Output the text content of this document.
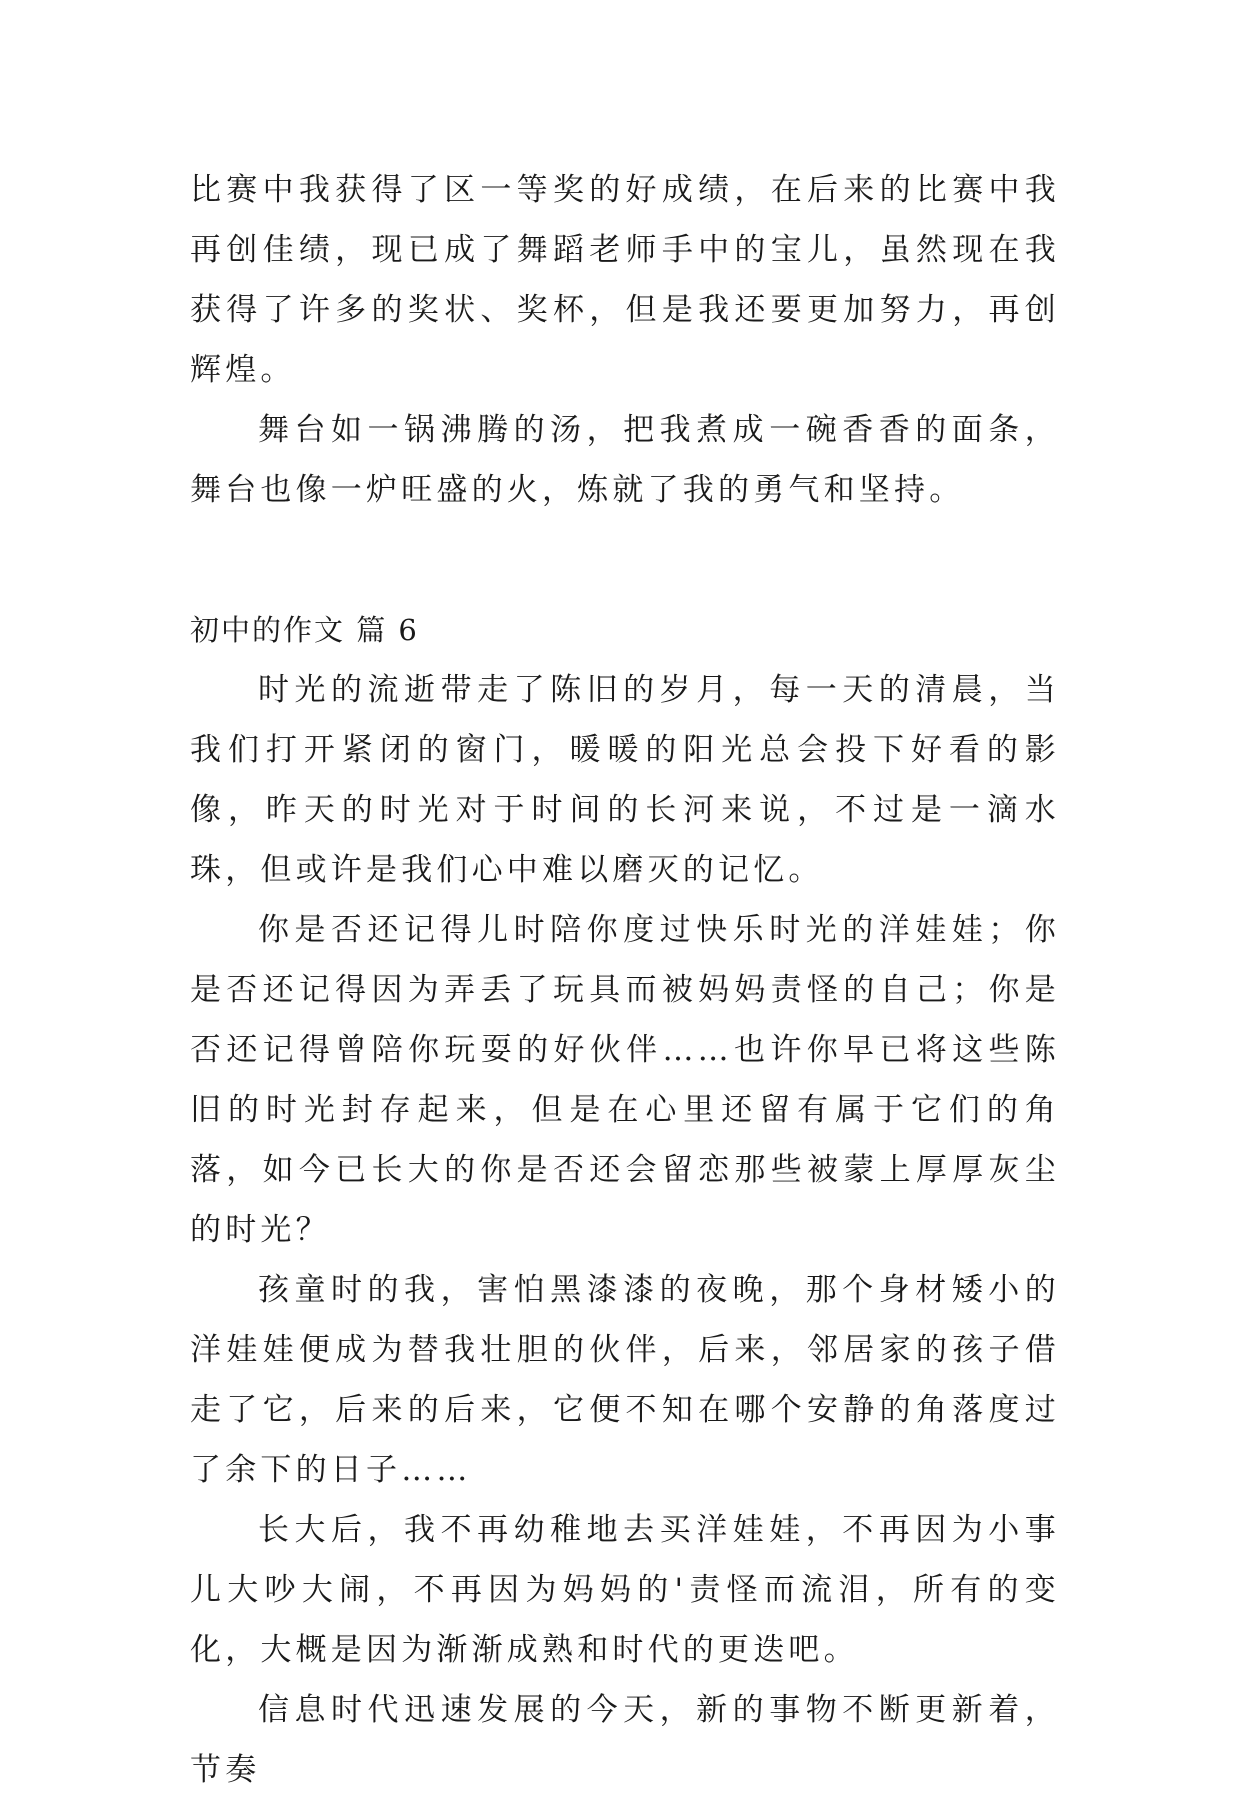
比赛中我获得了区一等奖的好成绩，在后来的比赛中我再创佳绩，现已成了舞蹈老师手中的宝儿，虽然现在我获得了许多的奖状、奖杯，但是我还要更加努力，再创辉煌。

舞台如一锅沸腾的汤，把我煮成一碗香香的面条，舞台也像一炉旺盛的火，炼就了我的勇气和坚持。

初中的作文 篇 6

时光的流逝带走了陈旧的岁月，每一天的清晨，当我们打开紧闭的窗门，暖暖的阳光总会投下好看的影像，昨天的时光对于时间的长河来说，不过是一滴水珠，但或许是我们心中难以磨灭的记忆。

你是否还记得儿时陪你度过快乐时光的洋娃娃；你是否还记得因为弄丢了玩具而被妈妈责怪的自己；你是否还记得曾陪你玩耍的好伙伴……也许你早已将这些陈旧的时光封存起来，但是在心里还留有属于它们的角落，如今已长大的你是否还会留恋那些被蒙上厚厚灰尘的时光？

孩童时的我，害怕黑漆漆的夜晚，那个身材矮小的洋娃娃便成为替我壮胆的伙伴，后来，邻居家的孩子借走了它，后来的后来，它便不知在哪个安静的角落度过了余下的日子……

长大后，我不再幼稚地去买洋娃娃，不再因为小事儿大吵大闹，不再因为妈妈的'责怪而流泪，所有的变化，大概是因为渐渐成熟和时代的更迭吧。

信息时代迅速发展的今天，新的事物不断更新着，节奏
